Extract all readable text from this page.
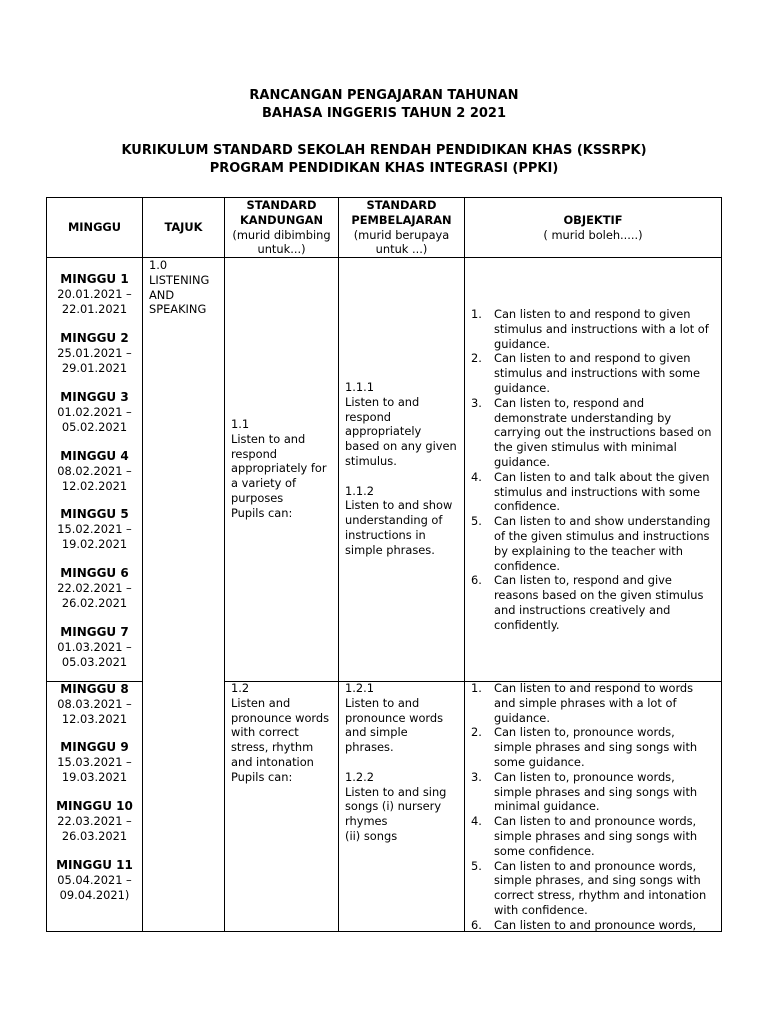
RANCANGAN PENGAJARAN TAHUNAN
BAHASA INGGERIS TAHUN 2 2021
KURIKULUM STANDARD SEKOLAH RENDAH PENDIDIKAN KHAS (KSSRPK)
PROGRAM PENDIDIKAN KHAS INTEGRASI (PPKI)
MINGGU	TAJUK
STANDARD
KANDUNGAN
(murid dibimbing
untuk...)
STANDARD
PEMBELAJARAN
(murid berupaya
untuk ...)
OBJEKTIF
( murid boleh.....)
1.0
LISTENING
AND
SPEAKING
MINGGU 1
20.01.2021 –
22.01.2021
MINGGU 2
25.01.2021 –
29.01.2021
MINGGU 3
01.02.2021 –
05.02.2021
MINGGU 4
08.02.2021 –
12.02.2021
MINGGU 5
15.02.2021 –
19.02.2021
MINGGU 6
22.02.2021 –
26.02.2021
MINGGU 7
01.03.2021 –
05.03.2021
MINGGU 8
08.03.2021 –
12.03.2021
MINGGU 9
15.03.2021 –
19.03.2021
MINGGU 10
22.03.2021 –
26.03.2021
MINGGU 11
05.04.2021 –
09.04.2021)
1.1
Listen to and
respond
appropriately for
a variety of
purposes
Pupils can:
1.1.1
Listen to and
respond
appropriately
based on any given
stimulus.
1.1.2
Listen to and show
understanding of
instructions in
simple phrases.
1. Can listen to and respond to given
stimulus and instructions with a lot of
guidance.
2. Can listen to and respond to given
stimulus and instructions with some
guidance.
3. Can listen to, respond and
demonstrate understanding by
carrying out the instructions based on
the given stimulus with minimal
guidance.
4. Can listen to and talk about the given
stimulus and instructions with some
confidence.
5. Can listen to and show understanding
of the given stimulus and instructions
by explaining to the teacher with
confidence.
6. Can listen to, respond and give
reasons based on the given stimulus
and instructions creatively and
confidently.
1.2
Listen and
pronounce words
with correct
stress, rhythm
and intonation
Pupils can:
1.2.1
Listen to and
pronounce words
and simple
phrases.
1.2.2
Listen to and sing
songs (i) nursery
rhymes
(ii) songs
1. Can listen to and respond to words
and simple phrases with a lot of
guidance.
2. Can listen to, pronounce words,
simple phrases and sing songs with
some guidance.
3. Can listen to, pronounce words,
simple phrases and sing songs with
minimal guidance.
4. Can listen to and pronounce words,
simple phrases and sing songs with
some confidence.
5. Can listen to and pronounce words,
simple phrases, and sing songs with
correct stress, rhythm and intonation
with confidence.
6. Can listen to and pronounce words,
